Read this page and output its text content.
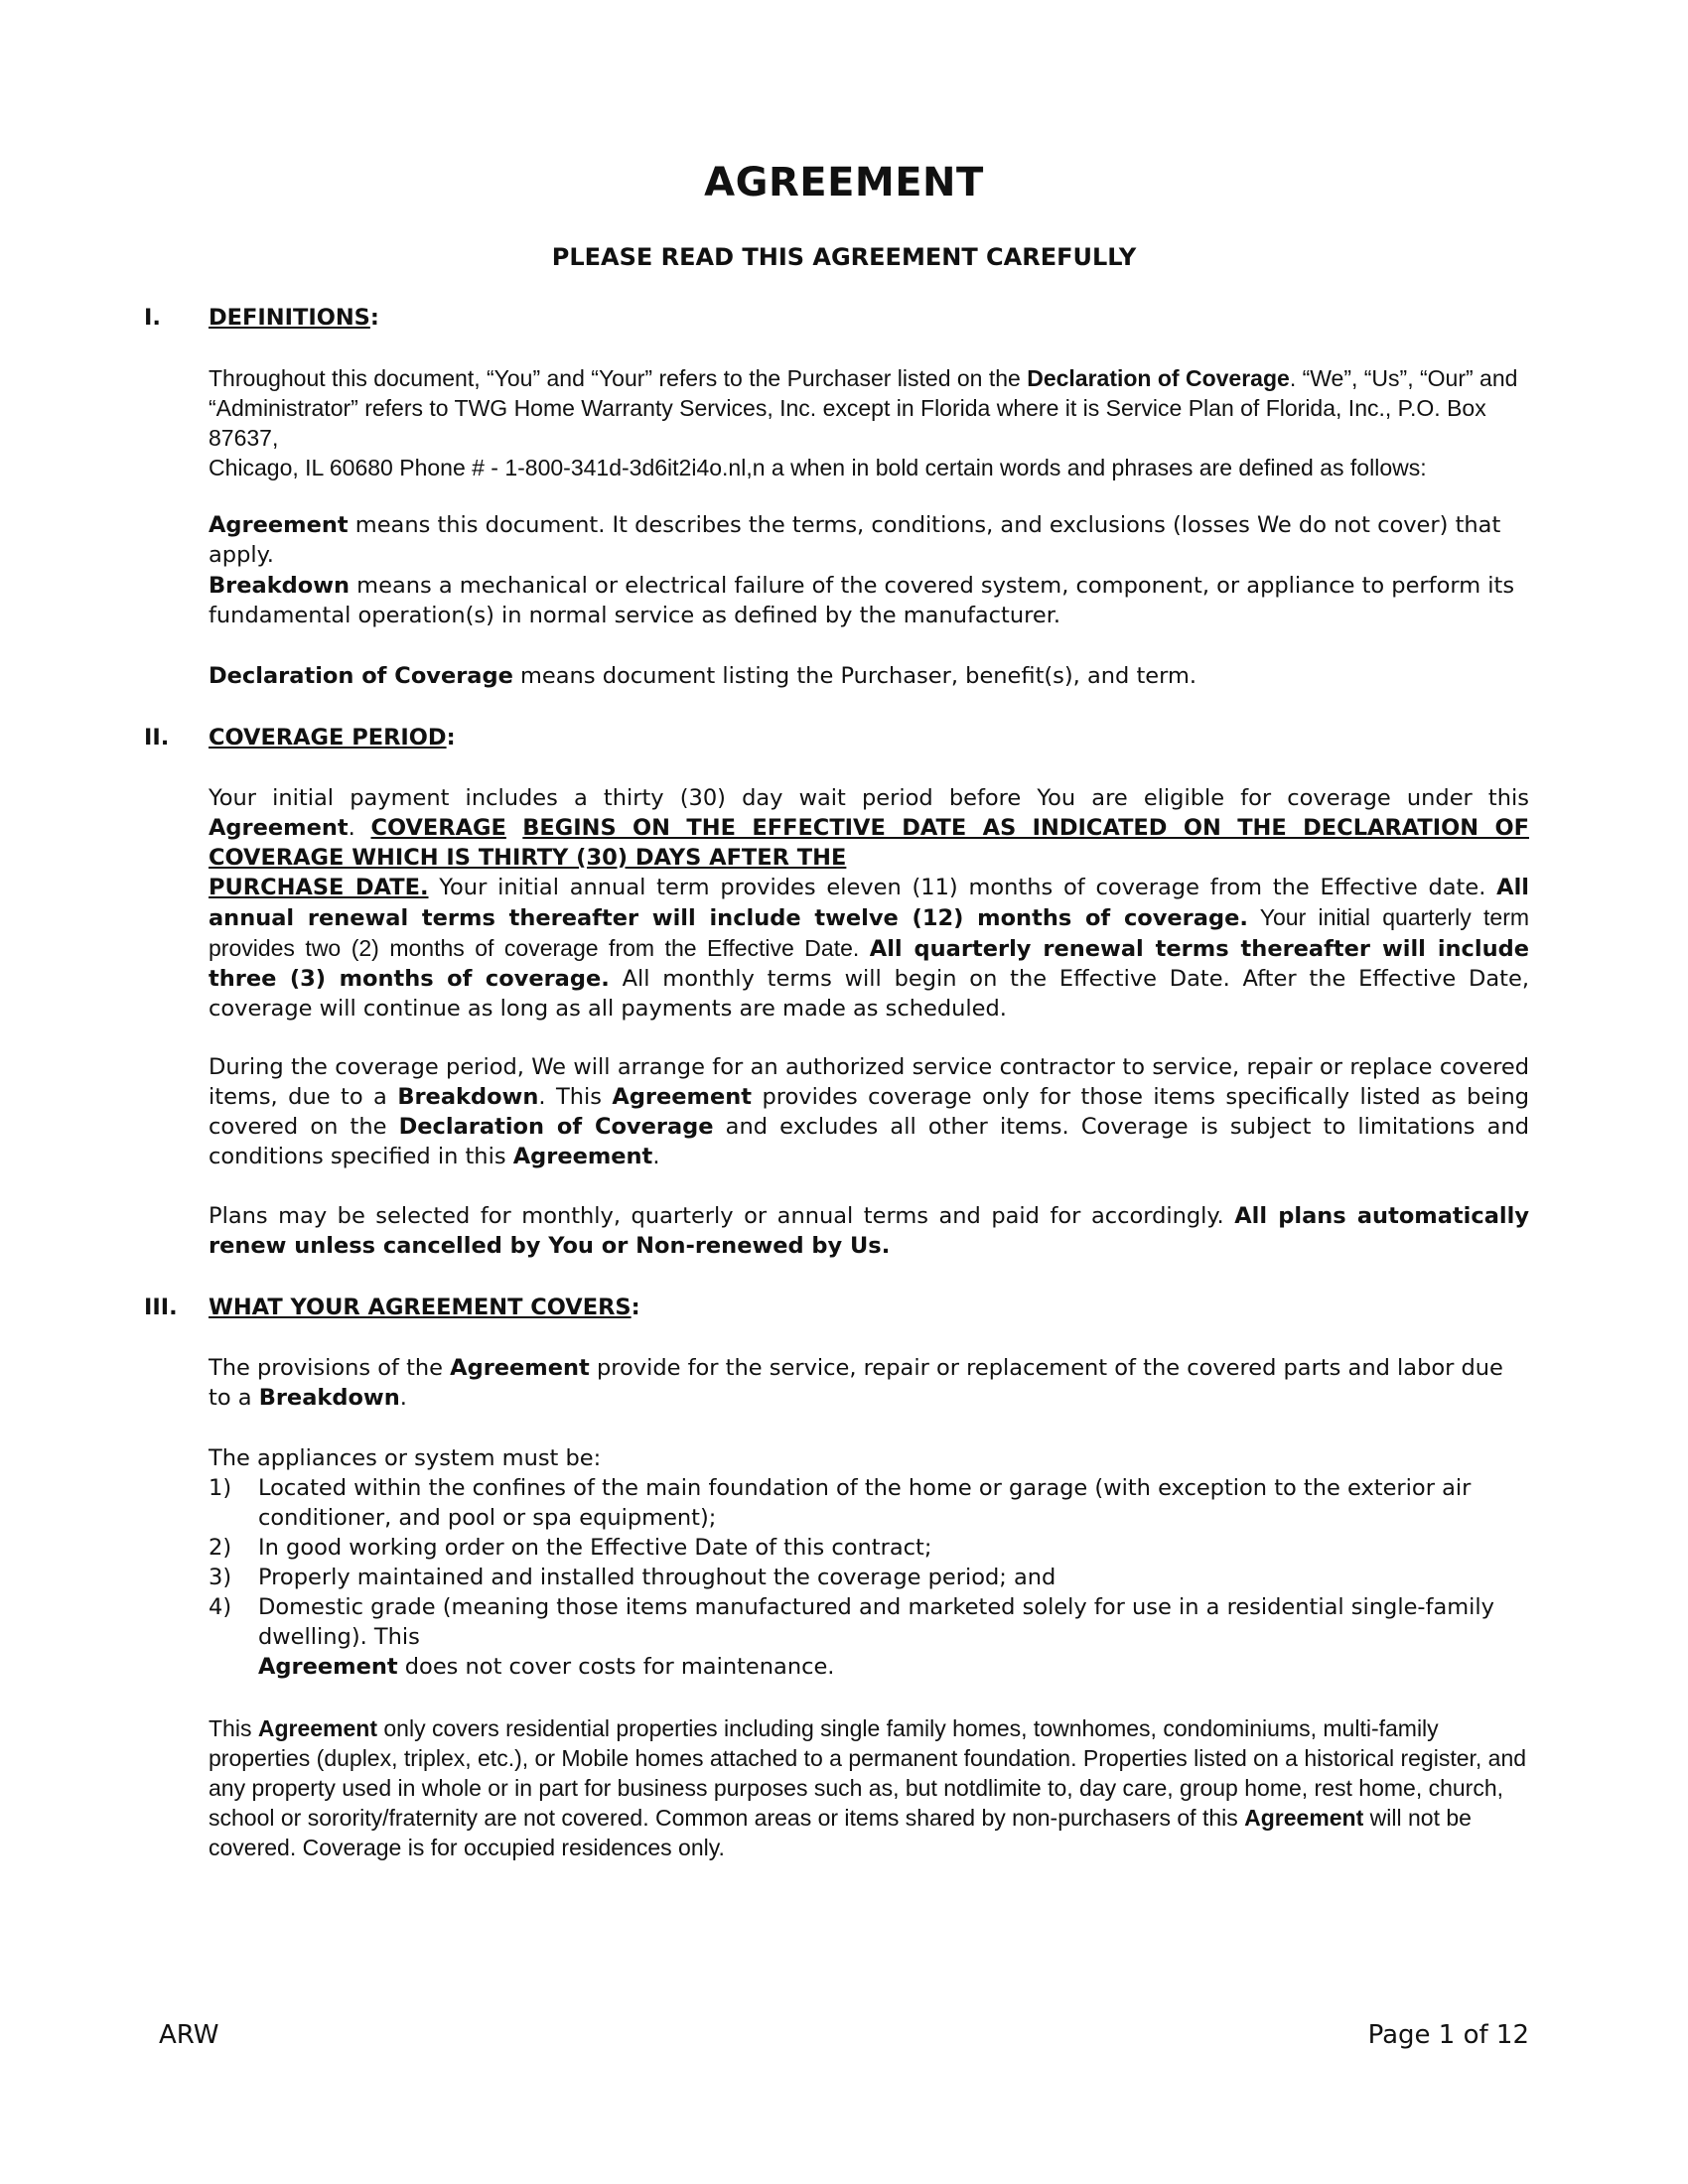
AGREEMENT
PLEASE READ THIS AGREEMENT CAREFULLY
I. DEFINITIONS:

Throughout this document, “You” and “Your” refers to the Purchaser listed on the Declaration of Coverage. “We”, “Us”, “Our” and “Administrator” refers to TWG Home Warranty Services, Inc. except in Florida where it is Service Plan of Florida, Inc., P.O. Box 87637,

Chicago, IL 60680 Phone # - 1-800-341d-3d6it2i4o.nl,n a when in bold certain words and phrases are defined as follows:

Agreement means this document. It describes the terms, conditions, and exclusions (losses We do not cover) that apply.

Breakdown means a mechanical or electrical failure of the covered system, component, or appliance to perform its fundamental operation(s) in normal service as defined by the manufacturer.

Declaration of Coverage means document listing the Purchaser, benefit(s), and term.

II. COVERAGE PERIOD:

Your initial payment includes a thirty (30) day wait period before You are eligible for coverage under this Agreement. COVERAGE BEGINS ON THE EFFECTIVE DATE AS INDICATED ON THE DECLARATION OF COVERAGE WHICH IS THIRTY (30) DAYS AFTER THE

PURCHASE DATE. Your initial annual term provides eleven (11) months of coverage from the Effective date. All annual renewal terms thereafter will include twelve (12) months of coverage. Your initial quarterly term provides two (2) months of coverage from the Effective Date. All quarterly renewal terms thereafter will include three (3) months of coverage. All monthly terms will begin on the Effective Date. After the Effective Date, coverage will continue as long as all payments are made as scheduled.

During the coverage period, We will arrange for an authorized service contractor to service, repair or replace covered items, due to a Breakdown. This Agreement provides coverage only for those items specifically listed as being covered on the Declaration of Coverage and excludes all other items. Coverage is subject to limitations and conditions specified in this Agreement.

Plans may be selected for monthly, quarterly or annual terms and paid for accordingly. All plans automatically renew unless cancelled by You or Non-renewed by Us.

III. WHAT YOUR AGREEMENT COVERS:

The provisions of the Agreement provide for the service, repair or replacement of the covered parts and labor due to a Breakdown.

The appliances or system must be:

1) Located within the confines of the main foundation of the home or garage (with exception to the exterior air conditioner, and pool or spa equipment);
2) In good working order on the Effective Date of this contract;
3) Properly maintained and installed throughout the coverage period; and
4) Domestic grade (meaning those items manufactured and marketed solely for use in a residential single-family dwelling). This
Agreement does not cover costs for maintenance.

This Agreement only covers residential properties including single family homes, townhomes, condominiums, multi-family properties (duplex, triplex, etc.), or Mobile homes attached to a permanent foundation. Properties listed on a historical register, and

any property used in whole or in part for business purposes such as, but notdlimite to, day care, group home, rest home, church,

school or sorority/fraternity are not covered. Common areas or items shared by non-purchasers of this Agreement will not be covered. Coverage is for occupied residences only.

ARW	Page 1 of 12
